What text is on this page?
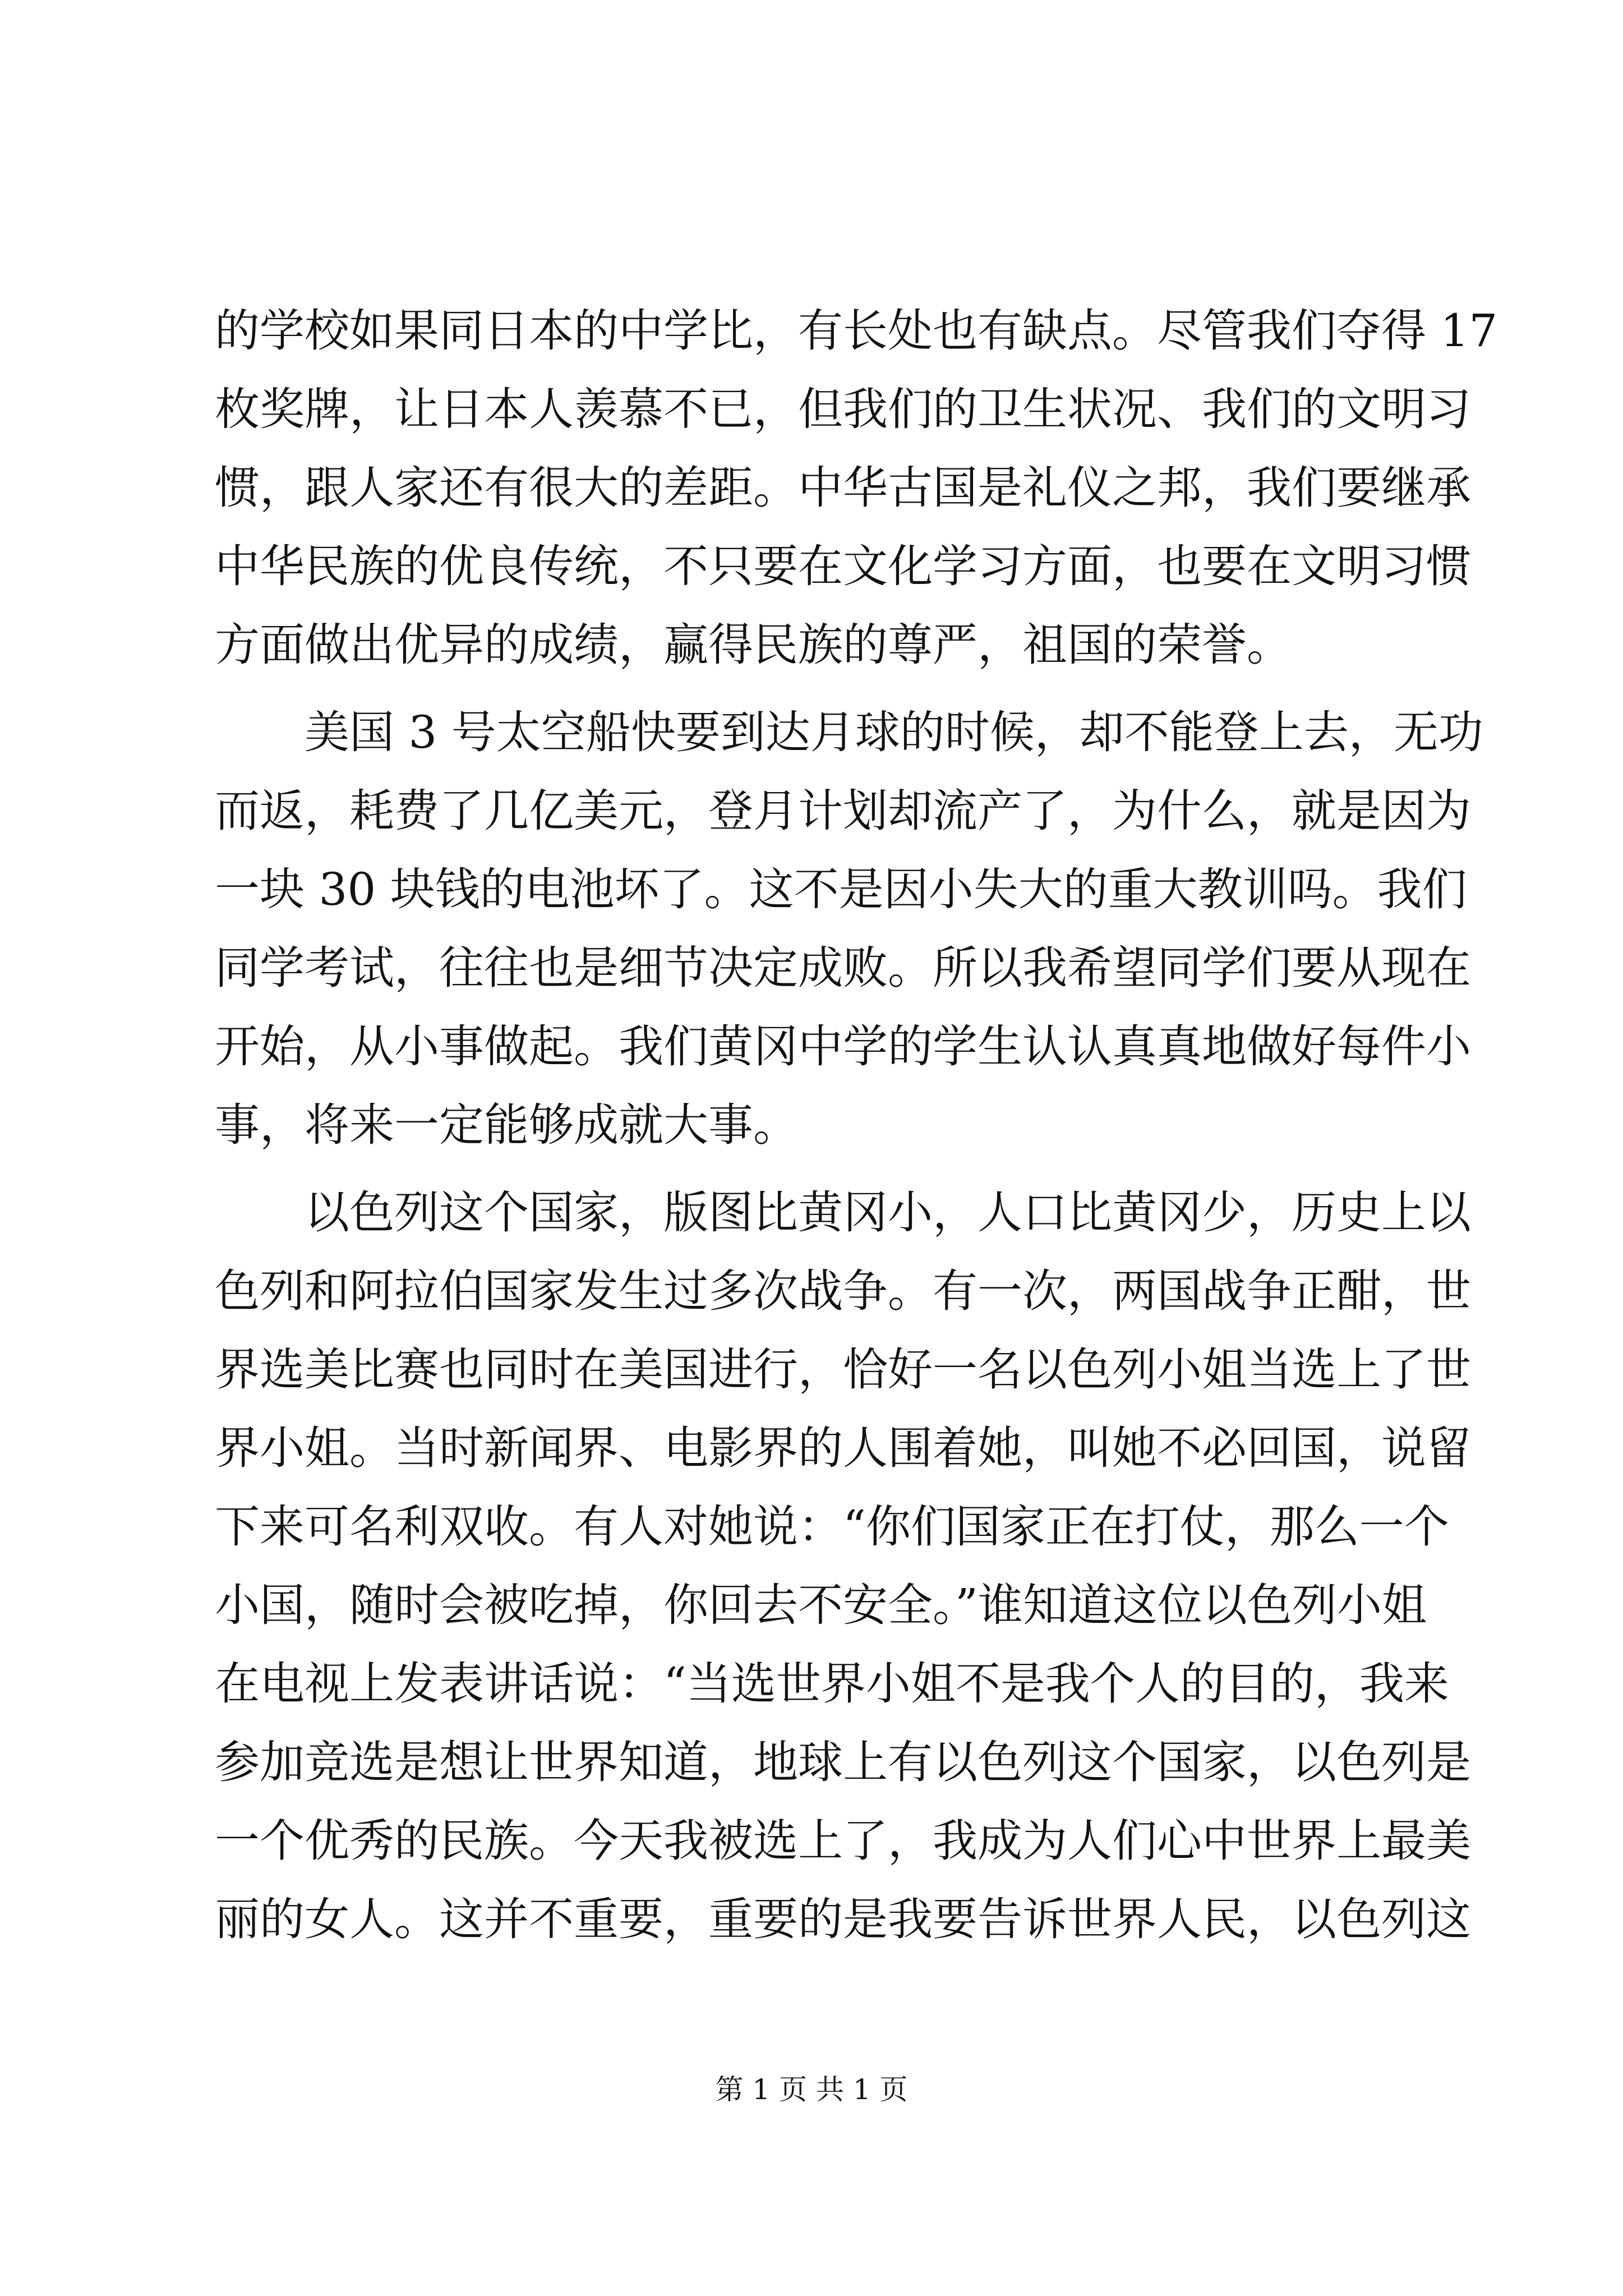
的学校如果同日本的中学比，有长处也有缺点。尽管我们夺得 17
枚奖牌，让日本人羡慕不已，但我们的卫生状况、我们的文明习
惯，跟人家还有很大的差距。中华古国是礼仪之邦，我们要继承
中华民族的优良传统，不只要在文化学习方面，也要在文明习惯
方面做出优异的成绩，赢得民族的尊严，祖国的荣誉。
美国 3 号太空船快要到达月球的时候，却不能登上去，无功
而返，耗费了几亿美元，登月计划却流产了，为什么，就是因为
一块 30 块钱的电池坏了。这不是因小失大的重大教训吗。我们
同学考试，往往也是细节决定成败。所以我希望同学们要从现在
开始，从小事做起。我们黄冈中学的学生认认真真地做好每件小
事，将来一定能够成就大事。
以色列这个国家，版图比黄冈小，人口比黄冈少，历史上以
色列和阿拉伯国家发生过多次战争。有一次，两国战争正酣，世
界选美比赛也同时在美国进行，恰好一名以色列小姐当选上了世
界小姐。当时新闻界、电影界的人围着她，叫她不必回国，说留
下来可名利双收。有人对她说：“你们国家正在打仗，那么一个
小国，随时会被吃掉，你回去不安全。”谁知道这位以色列小姐
在电视上发表讲话说：“当选世界小姐不是我个人的目的，我来
参加竞选是想让世界知道，地球上有以色列这个国家，以色列是
一个优秀的民族。今天我被选上了，我成为人们心中世界上最美
丽的女人。这并不重要，重要的是我要告诉世界人民，以色列这
第 1 页 共 1 页
